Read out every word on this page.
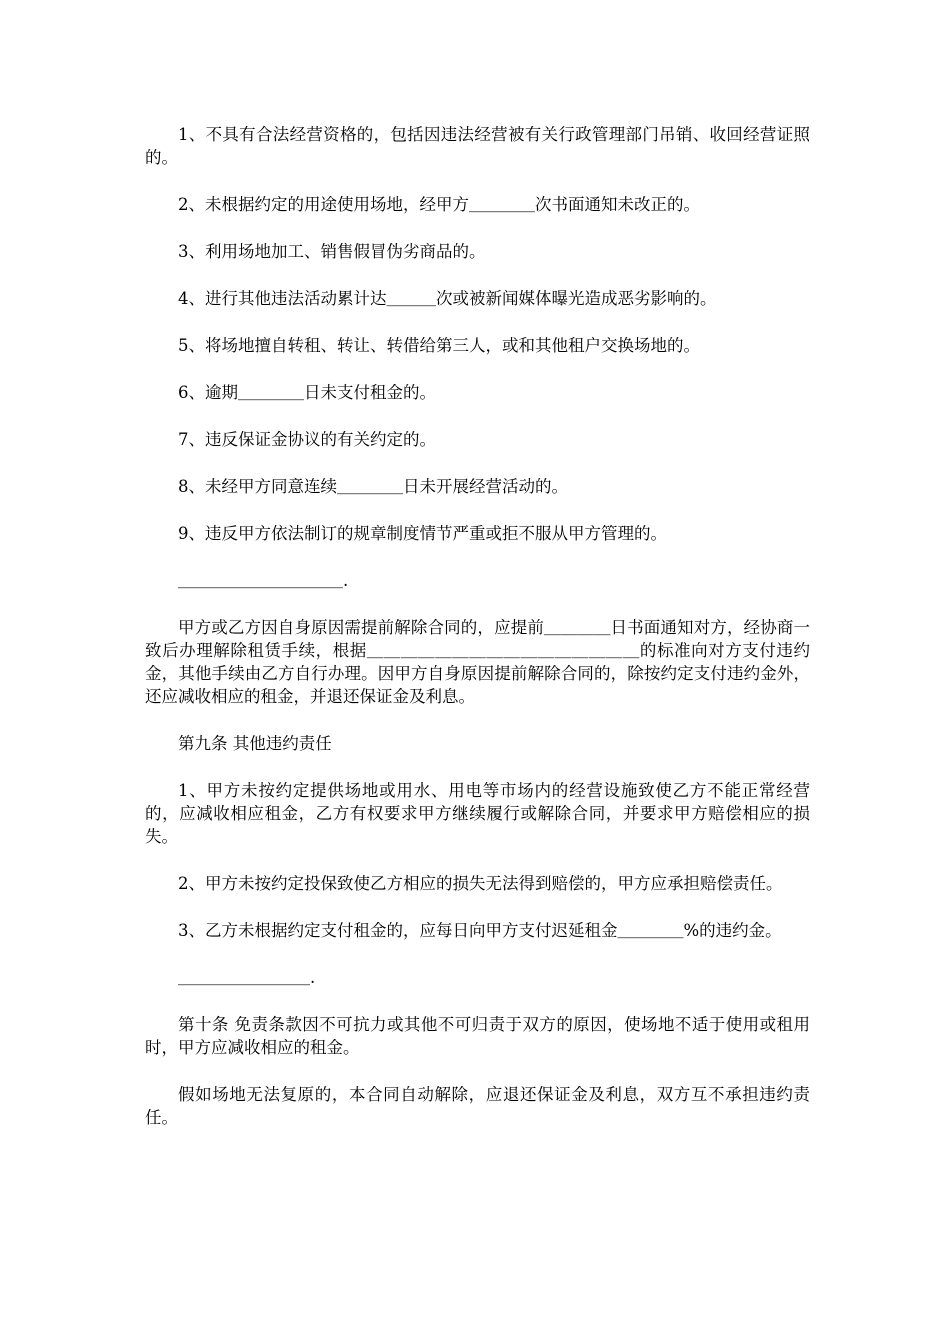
1、不具有合法经营资格的，包括因违法经营被有关行政管理部门吊销、收回经营证照的。

2、未根据约定的用途使用场地，经甲方＿＿＿＿次书面通知未改正的。

3、利用场地加工、销售假冒伪劣商品的。

4、进行其他违法活动累计达＿＿＿次或被新闻媒体曝光造成恶劣影响的。

5、将场地擅自转租、转让、转借给第三人，或和其他租户交换场地的。

6、逾期＿＿＿＿日未支付租金的。

7、违反保证金协议的有关约定的。

8、未经甲方同意连续＿＿＿＿日未开展经营活动的。

9、违反甲方依法制订的规章制度情节严重或拒不服从甲方管理的。

＿＿＿＿＿＿＿＿＿＿.

甲方或乙方因自身原因需提前解除合同的，应提前＿＿＿＿日书面通知对方，经协商一致后办理解除租赁手续，根据＿＿＿＿＿＿＿＿＿＿＿＿＿＿＿＿的标准向对方支付违约金，其他手续由乙方自行办理。因甲方自身原因提前解除合同的，除按约定支付违约金外，还应减收相应的租金，并退还保证金及利息。

第九条 其他违约责任

1、甲方未按约定提供场地或用水、用电等市场内的经营设施致使乙方不能正常经营的，应减收相应租金，乙方有权要求甲方继续履行或解除合同，并要求甲方赔偿相应的损失。

2、甲方未按约定投保致使乙方相应的损失无法得到赔偿的，甲方应承担赔偿责任。

3、乙方未根据约定支付租金的，应每日向甲方支付迟延租金＿＿＿＿%的违约金。

＿＿＿＿＿＿＿＿.

第十条 免责条款因不可抗力或其他不可归责于双方的原因，使场地不适于使用或租用时，甲方应减收相应的租金。

假如场地无法复原的，本合同自动解除，应退还保证金及利息，双方互不承担违约责任。
